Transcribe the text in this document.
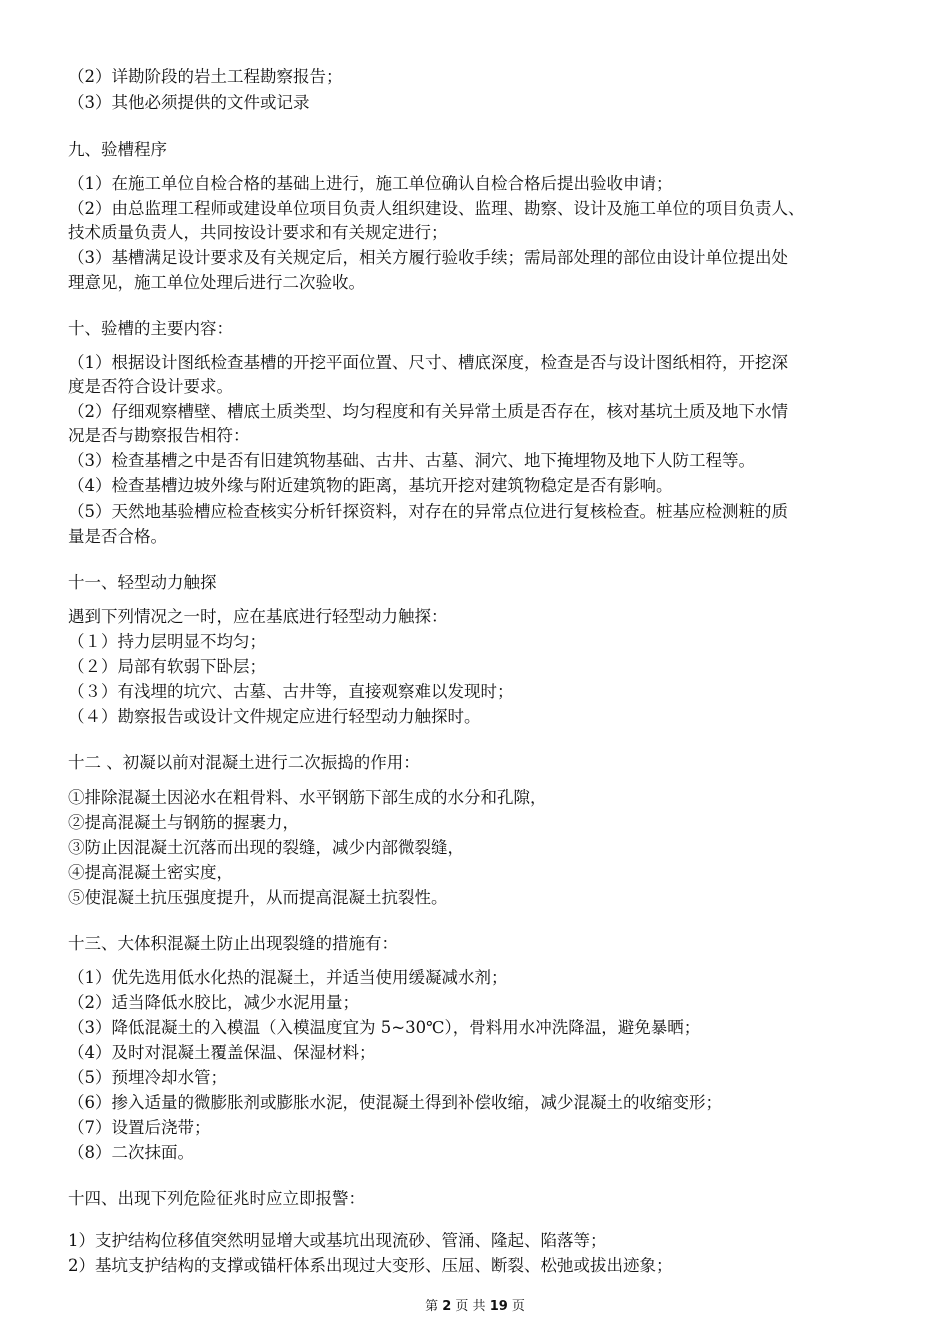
（2）详勘阶段的岩土工程勘察报告；
（3）其他必须提供的文件或记录
九、验槽程序
（1）在施工单位自检合格的基础上进行，施工单位确认自检合格后提出验收申请；
（2）由总监理工程师或建设单位项目负责人组织建设、监理、勘察、设计及施工单位的项目负责人、
技术质量负责人，共同按设计要求和有关规定进行；
（3）基槽满足设计要求及有关规定后，相关方履行验收手续；需局部处理的部位由设计单位提出处
理意见，施工单位处理后进行二次验收。
十、验槽的主要内容：
（1）根据设计图纸检查基槽的开挖平面位置、尺寸、槽底深度，检查是否与设计图纸相符，开挖深
度是否符合设计要求。
（2）仔细观察槽壁、槽底土质类型、均匀程度和有关异常土质是否存在，核对基坑土质及地下水情
况是否与勘察报告相符：
（3）检查基槽之中是否有旧建筑物基础、古井、古墓、洞穴、地下掩埋物及地下人防工程等。
（4）检查基槽边坡外缘与附近建筑物的距离，基坑开挖对建筑物稳定是否有影响。
（5）天然地基验槽应检查核实分析钎探资料，对存在的异常点位进行复核检查。桩基应检测粧的质
量是否合格。
十一、轻型动力触探
遇到下列情况之一时，应在基底进行轻型动力触探：
（１）持力层明显不均匀；
（２）局部有软弱下卧层；
（３）有浅埋的坑穴、古墓、古井等，直接观察难以发现时；
（４）勘察报告或设计文件规定应进行轻型动力触探时。
十二 、初凝以前对混凝土进行二次振捣的作用：
①排除混凝土因泌水在粗骨料、水平钢筋下部生成的水分和孔隙，
②提高混凝土与钢筋的握裹力，
③防止因混凝土沉落而出现的裂缝，减少内部微裂缝，
④提高混凝土密实度，
⑤使混凝土抗压强度提升，从而提高混凝土抗裂性。
十三、大体积混凝土防止出现裂缝的措施有：
（1）优先选用低水化热的混凝土，并适当使用缓凝减水剂；
（2）适当降低水胶比，减少水泥用量；
（3）降低混凝土的入模温（入模温度宜为 5~30℃），骨料用水冲洗降温，避免暴晒；
（4）及时对混凝土覆盖保温、保湿材料；
（5）预埋冷却水管；
（6）掺入适量的微膨胀剂或膨胀水泥，使混凝土得到补偿收缩，减少混凝土的收缩变形；
（7）设置后浇带；
（8）二次抹面。
十四、出现下列危险征兆时应立即报警：
1）支护结构位移值突然明显增大或基坑出现流砂、管涌、隆起、陷落等；
2）基坑支护结构的支撑或锚杆体系出现过大变形、压屈、断裂、松弛或拔出迹象；
第 2 页 共 19 页
